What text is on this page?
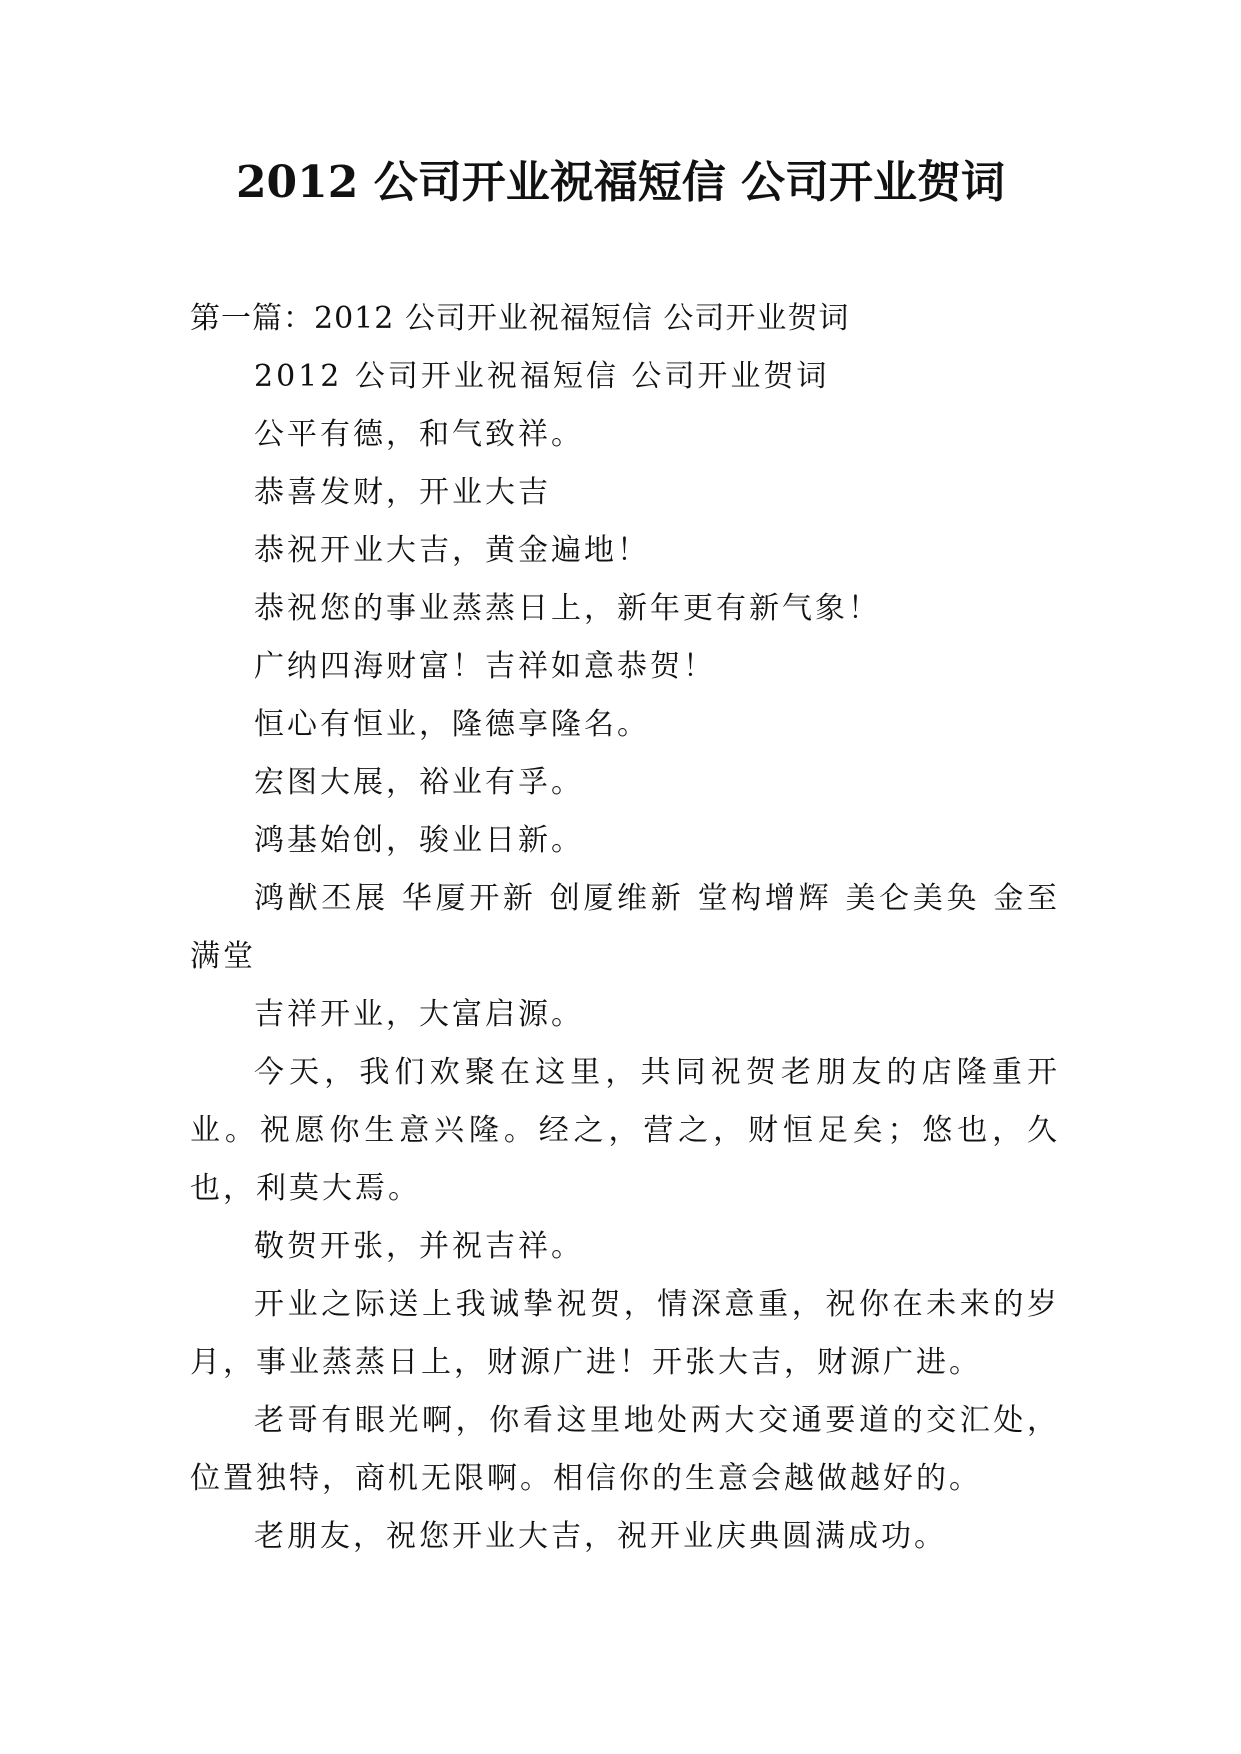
2012 公司开业祝福短信 公司开业贺词

第一篇：2012 公司开业祝福短信 公司开业贺词

2012 公司开业祝福短信 公司开业贺词

公平有德，和气致祥。

恭喜发财，开业大吉

恭祝开业大吉，黄金遍地！

恭祝您的事业蒸蒸日上，新年更有新气象！

广纳四海财富！吉祥如意恭贺！

恒心有恒业，隆德享隆名。

宏图大展，裕业有孚。

鸿基始创，骏业日新。

鸿猷丕展 华厦开新 创厦维新 堂构增辉 美仑美奂 金至满堂

吉祥开业，大富启源。

今天，我们欢聚在这里，共同祝贺老朋友的店隆重开业。祝愿你生意兴隆。经之，营之，财恒足矣；悠也，久也，利莫大焉。

敬贺开张，并祝吉祥。

开业之际送上我诚挚祝贺，情深意重，祝你在未来的岁月，事业蒸蒸日上，财源广进！开张大吉，财源广进。

老哥有眼光啊，你看这里地处两大交通要道的交汇处，位置独特，商机无限啊。相信你的生意会越做越好的。

老朋友，祝您开业大吉，祝开业庆典圆满成功。
